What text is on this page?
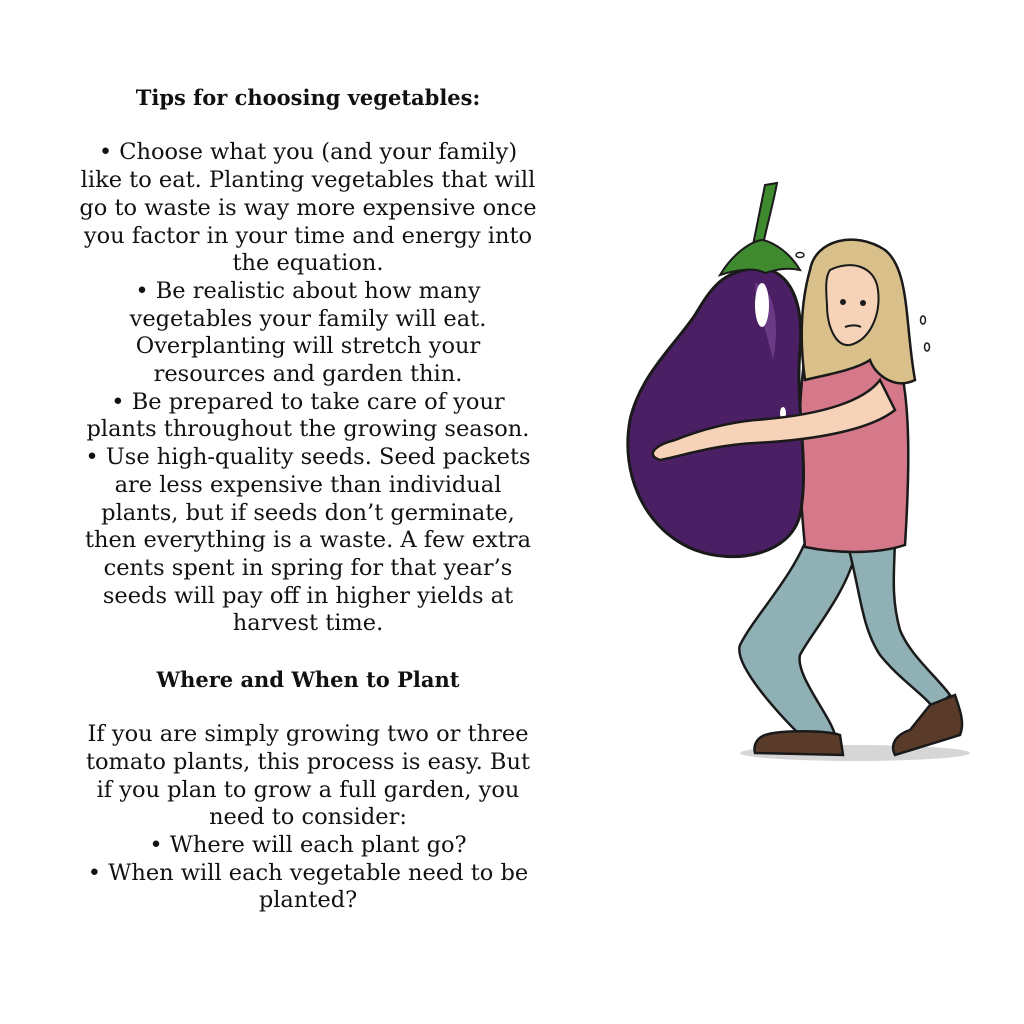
Tips for choosing vegetables:

• Choose what you (and your family) like to eat. Planting vegetables that will go to waste is way more expensive once you factor in your time and energy into the equation.

• Be realistic about how many vegetables your family will eat. Overplanting will stretch your resources and garden thin.

• Be prepared to take care of your plants throughout the growing season.

• Use high-quality seeds. Seed packets are less expensive than individual plants, but if seeds don’t germinate, then everything is a waste. A few extra cents spent in spring for that year’s seeds will pay off in higher yields at harvest time.

Where and When to Plant

If you are simply growing two or three tomato plants, this process is easy. But if you plan to grow a full garden, you need to consider:

• Where will each plant go?

• When will each vegetable need to be planted?
